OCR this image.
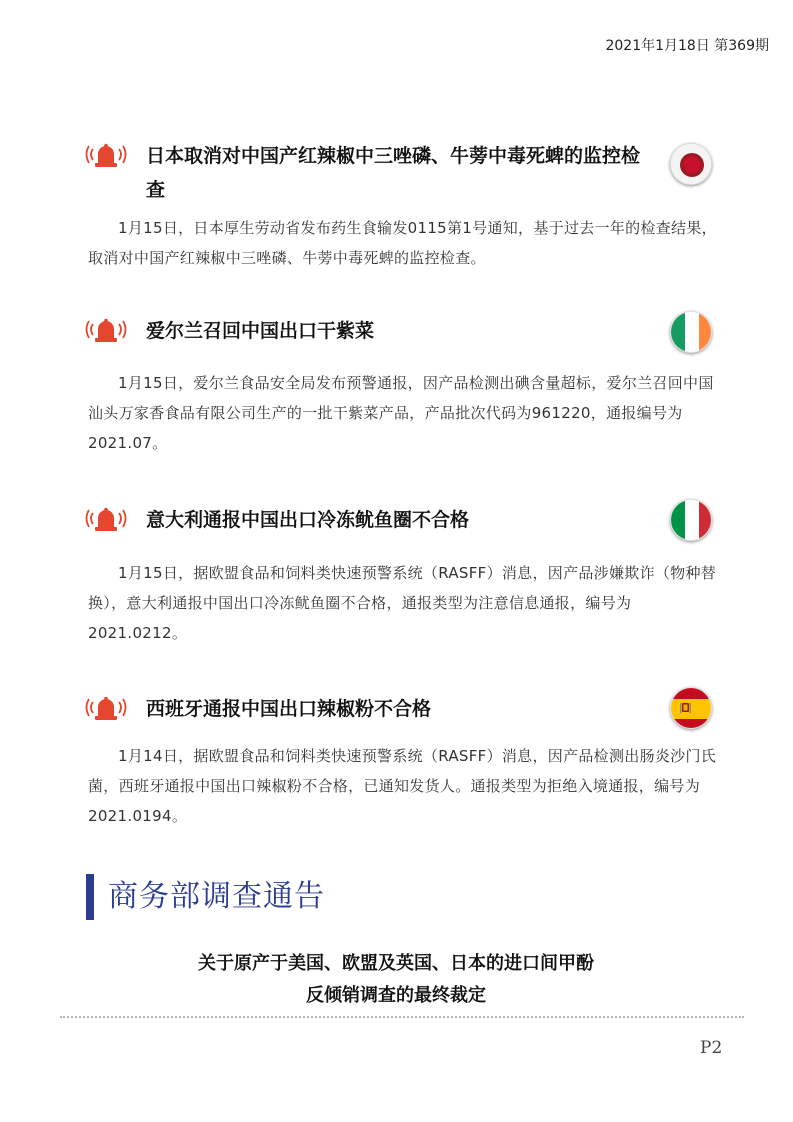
2021年1月18日 第369期
日本取消对中国产红辣椒中三唑磷、牛蒡中毒死蜱的监控检查
1月15日，日本厚生劳动省发布药生食输发0115第1号通知，基于过去一年的检查结果，取消对中国产红辣椒中三唑磷、牛蒡中毒死蜱的监控检查。
爱尔兰召回中国出口干紫菜
1月15日，爱尔兰食品安全局发布预警通报，因产品检测出碘含量超标，爱尔兰召回中国汕头万家香食品有限公司生产的一批干紫菜产品，产品批次代码为961220，通报编号为2021.07。
意大利通报中国出口冷冻鱿鱼圈不合格
1月15日，据欧盟食品和饲料类快速预警系统（RASFF）消息，因产品涉嫌欺诈（物种替换），意大利通报中国出口冷冻鱿鱼圈不合格，通报类型为注意信息通报，编号为2021.0212。
西班牙通报中国出口辣椒粉不合格
1月14日，据欧盟食品和饲料类快速预警系统（RASFF）消息，因产品检测出肠炎沙门氏菌，西班牙通报中国出口辣椒粉不合格，已通知发货人。通报类型为拒绝入境通报，编号为2021.0194。
商务部调查通告
关于原产于美国、欧盟及英国、日本的进口间甲酚
反倾销调查的最终裁定
P2
